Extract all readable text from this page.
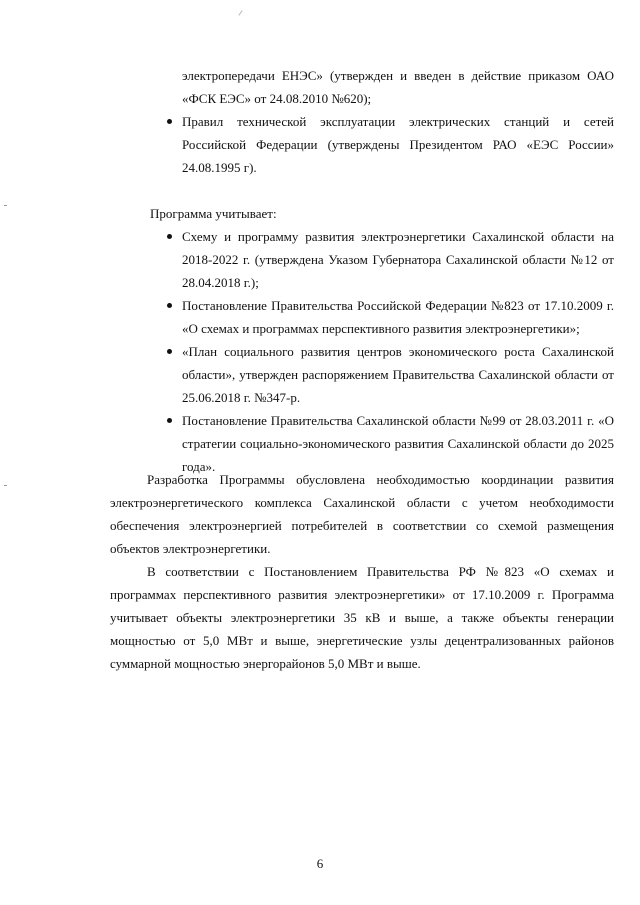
электропередачи ЕНЭС» (утвержден и введен в действие приказом ОАО «ФСК ЕЭС» от 24.08.2010 №620);
Правил технической эксплуатации электрических станций и сетей Российской Федерации (утверждены Президентом РАО «ЕЭС России» 24.08.1995 г).
Программа учитывает:
Схему и программу развития электроэнергетики Сахалинской области на 2018-2022 г. (утверждена Указом Губернатора Сахалинской области №12 от 28.04.2018 г.);
Постановление Правительства Российской Федерации №823 от 17.10.2009 г. «О схемах и программах перспективного развития электроэнергетики»;
«План социального развития центров экономического роста Сахалинской области», утвержден распоряжением Правительства Сахалинской области от 25.06.2018 г. №347-р.
Постановление Правительства Сахалинской области №99 от 28.03.2011 г. «О стратегии социально-экономического развития Сахалинской области до 2025 года».
Разработка Программы обусловлена необходимостью координации развития электроэнергетического комплекса Сахалинской области с учетом необходимости обеспечения электроэнергией потребителей в соответствии со схемой размещения объектов электроэнергетики.
В соответствии с Постановлением Правительства РФ №823 «О схемах и программах перспективного развития электроэнергетики» от 17.10.2009 г. Программа учитывает объекты электроэнергетики 35 кВ и выше, а также объекты генерации мощностью от 5,0 МВт и выше, энергетические узлы децентрализованных районов суммарной мощностью энергорайонов 5,0 МВт и выше.
6
